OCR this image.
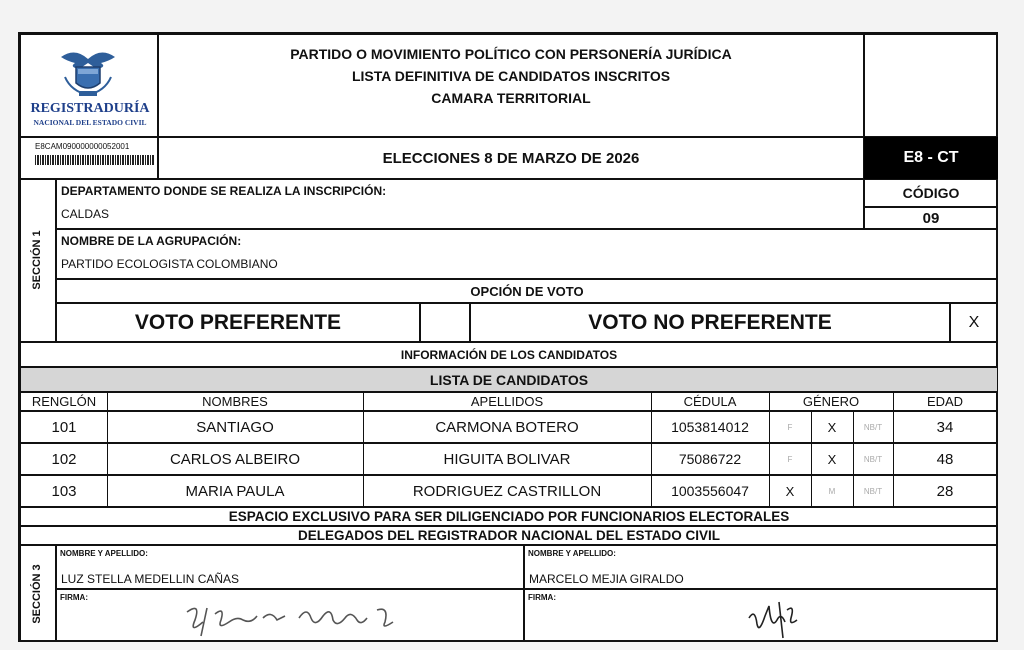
REGISTRADURÍA
NACIONAL DEL ESTADO CIVIL
PARTIDO O MOVIMIENTO POLÍTICO CON PERSONERÍA JURÍDICA
LISTA DEFINITIVA DE CANDIDATOS INSCRITOS
CAMARA TERRITORIAL
E8CAM090000000052001
ELECCIONES 8 DE MARZO DE 2026	E8 - CT
SECCIÓN 1
DEPARTAMENTO DONDE SE REALIZA LA INSCRIPCIÓN:
CALDAS
CÓDIGO
09
NOMBRE DE LA AGRUPACIÓN:
PARTIDO ECOLOGISTA COLOMBIANO
OPCIÓN DE VOTO
VOTO PREFERENTE	VOTO NO PREFERENTE	X
INFORMACIÓN DE LOS CANDIDATOS
LISTA DE CANDIDATOS
RENGLÓN	NOMBRES	APELLIDOS	CÉDULA	GÉNERO	EDAD
101	SANTIAGO	CARMONA BOTERO	1053814012	F	X	NB/T	34
102	CARLOS ALBEIRO	HIGUITA BOLIVAR	75086722	F	X	NB/T	48
103	MARIA PAULA	RODRIGUEZ CASTRILLON	1003556047	X	M	NB/T	28
ESPACIO EXCLUSIVO PARA SER DILIGENCIADO POR FUNCIONARIOS ELECTORALES
DELEGADOS DEL REGISTRADOR NACIONAL DEL ESTADO CIVIL
SECCIÓN 3
NOMBRE Y APELLIDO:
LUZ STELLA MEDELLIN CAÑAS
NOMBRE Y APELLIDO:
MARCELO MEJIA GIRALDO
FIRMA:	FIRMA:
